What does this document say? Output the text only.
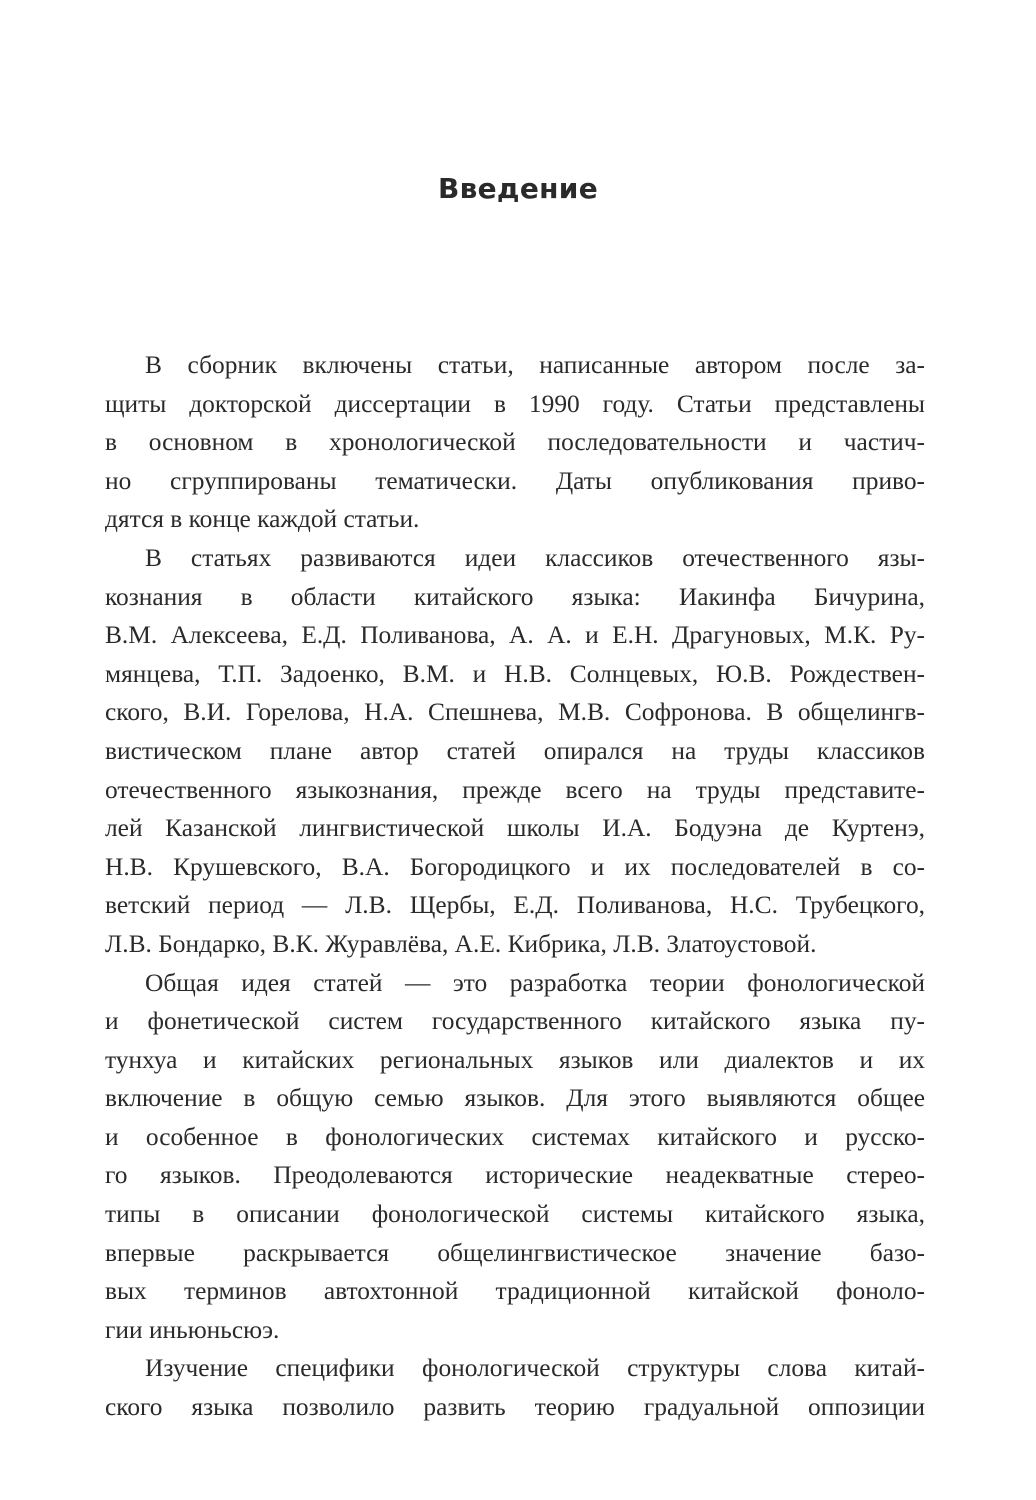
Введение
В сборник включены статьи, написанные автором после за-
щиты докторской диссертации в 1990 году. Статьи представлены
в основном в хронологической последовательности и частич-
но сгруппированы тематически. Даты опубликования приво-
дятся в конце каждой статьи.
В статьях развиваются идеи классиков отечественного язы-
кознания в области китайского языка: Иакинфа Бичурина,
В.М. Алексеева, Е.Д. Поливанова, А. А. и Е.Н. Драгуновых, М.К. Ру-
мянцева, Т.П. Задоенко, В.М. и Н.В. Солнцевых, Ю.В. Рождествен-
ского, В.И. Горелова, Н.А. Спешнева, М.В. Софронова. В общелингв-
вистическом плане автор статей опирался на труды классиков
отечественного языкознания, прежде всего на труды представите-
лей Казанской лингвистической школы И.А. Бодуэна де Куртенэ,
Н.В. Крушевского, В.А. Богородицкого и их последователей в со-
ветский период — Л.В. Щербы, Е.Д. Поливанова, Н.С. Трубецкого,
Л.В. Бондарко, В.К. Журавлёва, А.Е. Кибрика, Л.В. Златоустовой.
Общая идея статей — это разработка теории фонологической
и фонетической систем государственного китайского языка пу-
тунхуа и китайских региональных языков или диалектов и их
включение в общую семью языков. Для этого выявляются общее
и особенное в фонологических системах китайского и русско-
го языков. Преодолеваются исторические неадекватные стерео-
типы в описании фонологической системы китайского языка,
впервые раскрывается общелингвистическое значение базо-
вых терминов автохтонной традиционной китайской фоноло-
гии иньюньсюэ.
Изучение специфики фонологической структуры слова китай-
ского языка позволило развить теорию градуальной оппозиции
